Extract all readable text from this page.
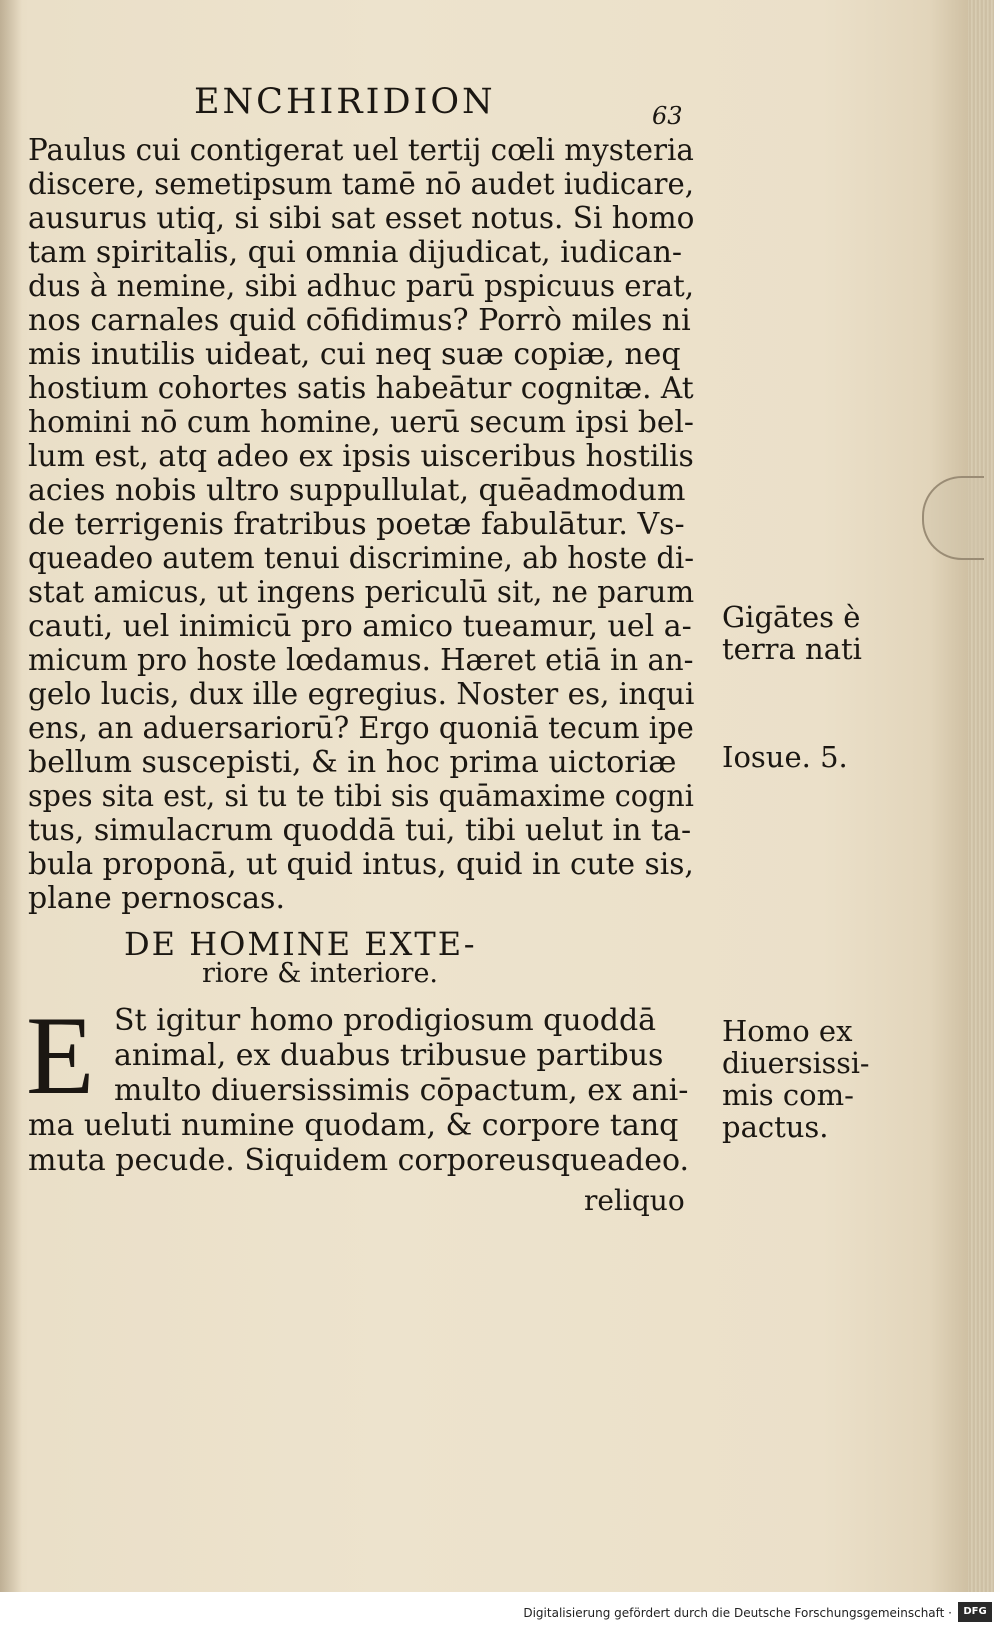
ENCHIRIDION	63

Paulus cui contigerat uel tertij cœli mysteria

discere, semetipsum tamē nō audet iudicare,

ausurus utiq, si sibi sat esset notus. Si homo

tam spiritalis, qui omnia dijudicat, iudican-

dus à nemine, sibi adhuc parū pspicuus erat,

nos carnales quid cōfidimus? Porrò miles ni

mis inutilis uideat, cui neq suæ copiæ, neq

hostium cohortes satis habeātur cognitæ. At

homini nō cum homine, uerū secum ipsi bel-

lum est, atq adeo ex ipsis uisceribus hostilis

acies nobis ultro suppullulat, quēadmodum

de terrigenis fratribus poetæ fabulātur. Vs-

queadeo autem tenui discrimine, ab hoste di-

stat amicus, ut ingens periculū sit, ne parum

cauti, uel inimicū pro amico tueamur, uel a-

micum pro hoste lœdamus. Hæret etiā in an-

gelo lucis, dux ille egregius. Noster es, inqui

ens, an aduersariorū? Ergo quoniā tecum ipe

bellum suscepisti, & in hoc prima uictoriæ

spes sita est, si tu te tibi sis quāmaxime cogni

tus, simulacrum quoddā tui, tibi uelut in ta-

bula proponā, ut quid intus, quid in cute sis,

plane pernoscas.

DE HOMINE EXTE-

riore & interiore.

E St igitur homo prodigiosum quoddā

animal, ex duabus tribusue partibus

multo diuersissimis cōpactum, ex ani-

ma ueluti numine quodam, & corpore tanq

muta pecude. Siquidem corporeusqueadeo.

reliquo

Gigātes è

terra nati

Iosue. 5.

Homo ex

diuersissi-

mis com-

pactus.

Digitalisierung gefördert durch die Deutsche Forschungsgemeinschaft ·	DFG
